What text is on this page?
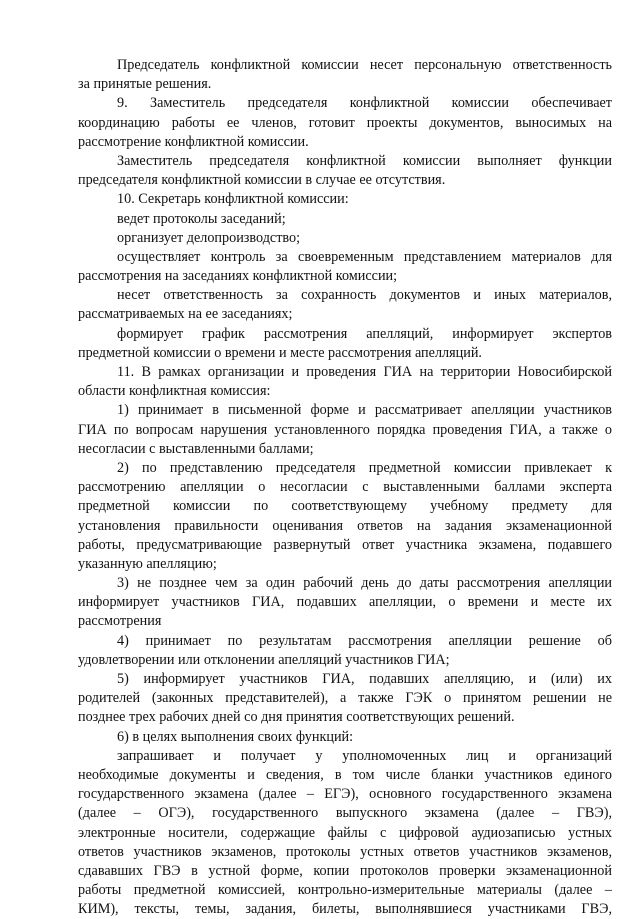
Председатель конфликтной комиссии несет персональную ответственность
за принятые решения.
9. Заместитель председателя конфликтной комиссии обеспечивает
координацию работы ее членов, готовит проекты документов, выносимых на
рассмотрение конфликтной комиссии.
Заместитель председателя конфликтной комиссии выполняет функции
председателя конфликтной комиссии в случае ее отсутствия.
10. Секретарь конфликтной комиссии:
ведет протоколы заседаний;
организует делопроизводство;
осуществляет контроль за своевременным представлением материалов для
рассмотрения на заседаниях конфликтной комиссии;
несет ответственность за сохранность документов и иных материалов,
рассматриваемых на ее заседаниях;
формирует график рассмотрения апелляций, информирует экспертов
предметной комиссии о времени и месте рассмотрения апелляций.
11. В рамках организации и проведения ГИА на территории Новосибирской
области конфликтная комиссия:
1) принимает в письменной форме и рассматривает апелляции участников
ГИА по вопросам нарушения установленного порядка проведения ГИА, а также о
несогласии с выставленными баллами;
2) по представлению председателя предметной комиссии привлекает к
рассмотрению апелляции о несогласии с выставленными баллами эксперта
предметной комиссии по соответствующему учебному предмету для
установления правильности оценивания ответов на задания экзаменационной
работы, предусматривающие развернутый ответ участника экзамена, подавшего
указанную апелляцию;
3) не позднее чем за один рабочий день до даты рассмотрения апелляции
информирует участников ГИА, подавших апелляции, о времени и месте их
рассмотрения
4) принимает по результатам рассмотрения апелляции решение об
удовлетворении или отклонении апелляций участников ГИА;
5) информирует участников ГИА, подавших апелляцию, и (или) их
родителей (законных представителей), а также ГЭК о принятом решении не
позднее трех рабочих дней со дня принятия соответствующих решений.
6) в целях выполнения своих функций:
запрашивает и получает у уполномоченных лиц и организаций
необходимые документы и сведения, в том числе бланки участников единого
государственного экзамена (далее – ЕГЭ), основного государственного экзамена
(далее – ОГЭ), государственного выпускного экзамена (далее – ГВЭ),
электронные носители, содержащие файлы с цифровой аудиозаписью устных
ответов участников экзаменов, протоколы устных ответов участников экзаменов,
сдававших ГВЭ в устной форме, копии протоколов проверки экзаменационной
работы предметной комиссией, контрольно-измерительные материалы (далее –
КИМ), тексты, темы, задания, билеты, выполнявшиеся участниками ГВЭ,
